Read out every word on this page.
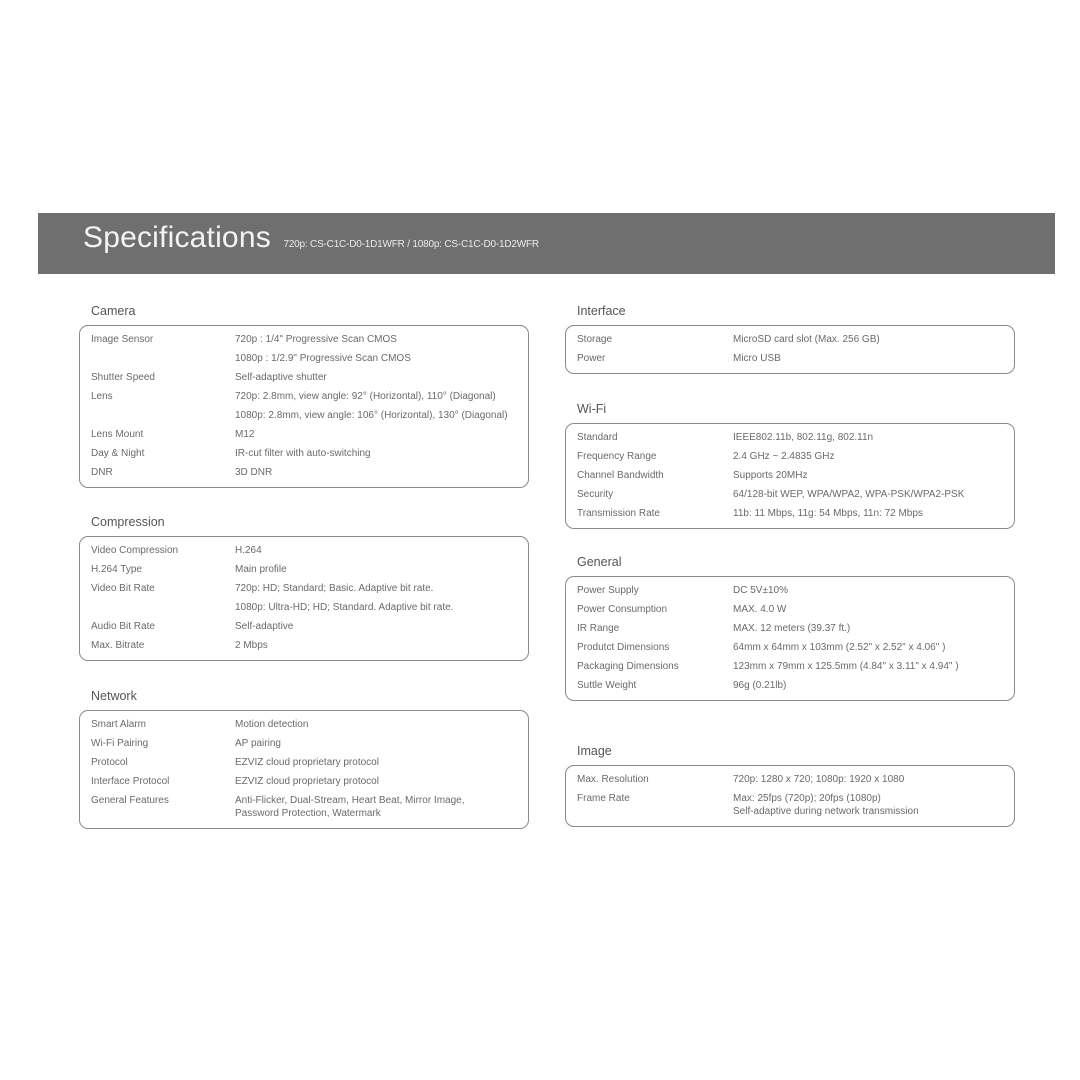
Specifications 720p: CS-C1C-D0-1D1WFR / 1080p: CS-C1C-D0-1D2WFR
Camera
Image Sensor	720p : 1/4" Progressive Scan CMOS
1080p : 1/2.9" Progressive Scan CMOS
Shutter Speed	Self-adaptive shutter
Lens	720p: 2.8mm, view angle: 92° (Horizontal), 110° (Diagonal)
1080p: 2.8mm, view angle: 106° (Horizontal), 130° (Diagonal)
Lens Mount	M12
Day & Night	IR-cut filter with auto-switching
DNR	3D DNR
Compression
Video Compression	H.264
H.264 Type	Main profile
Video Bit Rate	720p: HD; Standard; Basic. Adaptive bit rate.
1080p: Ultra-HD; HD; Standard. Adaptive bit rate.
Audio Bit Rate	Self-adaptive
Max. Bitrate	2 Mbps
Network
Smart Alarm	Motion detection
Wi-Fi Pairing	AP pairing
Protocol	EZVIZ cloud proprietary protocol
Interface Protocol	EZVIZ cloud proprietary protocol
General Features	Anti-Flicker, Dual-Stream, Heart Beat, Mirror Image,
Password Protection, Watermark
Interface
Storage	MicroSD card slot (Max. 256 GB)
Power	Micro USB
Wi-Fi
Standard	IEEE802.11b, 802.11g, 802.11n
Frequency Range	2.4 GHz ~ 2.4835 GHz
Channel Bandwidth	Supports 20MHz
Security	64/128-bit WEP, WPA/WPA2, WPA-PSK/WPA2-PSK
Transmission Rate	11b: 11 Mbps, 11g: 54 Mbps, 11n: 72 Mbps
General
Power Supply	DC 5V±10%
Power Consumption	MAX. 4.0 W
IR Range	MAX. 12 meters (39.37 ft.)
Produtct Dimensions	64mm x 64mm x 103mm (2.52" x 2.52" x 4.06" )
Packaging Dimensions	123mm x 79mm x 125.5mm (4.84" x 3.11" x 4.94" )
Suttle Weight	96g (0.21lb)
Image
Max. Resolution	720p: 1280 x 720; 1080p: 1920 x 1080
Frame Rate	Max: 25fps (720p); 20fps (1080p)
Self-adaptive during network transmission
